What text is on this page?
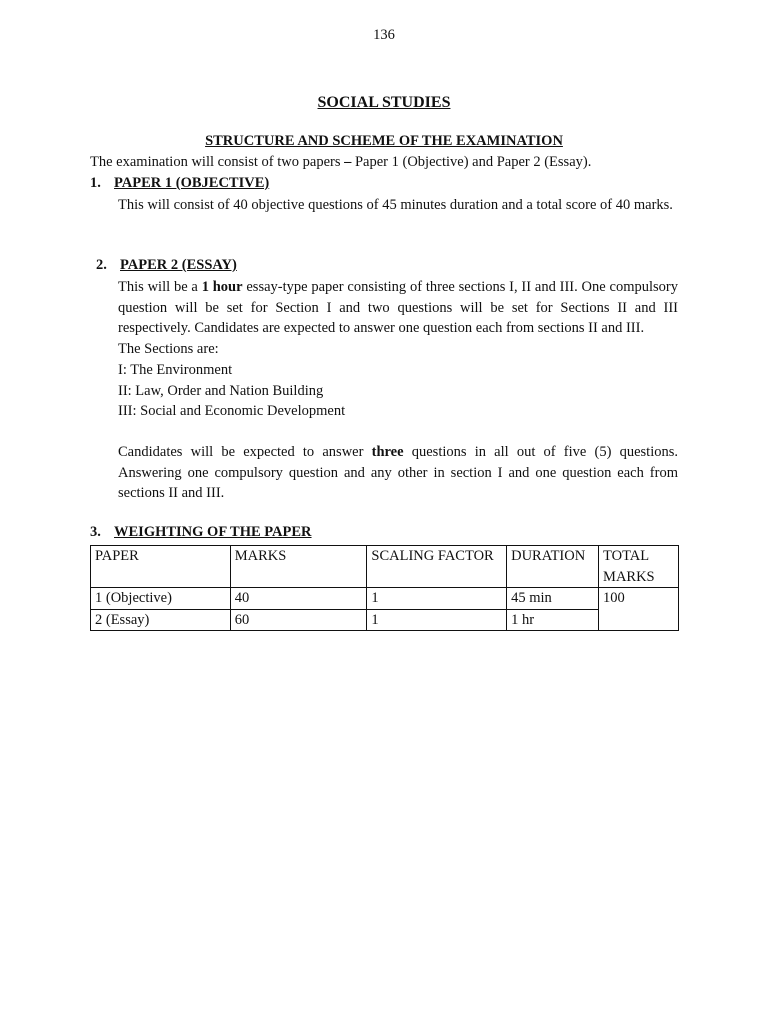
136
SOCIAL STUDIES
STRUCTURE AND SCHEME OF THE EXAMINATION
The examination will consist of two papers – Paper 1 (Objective) and Paper 2 (Essay).
1. PAPER 1 (OBJECTIVE)
This will consist of 40 objective questions of 45 minutes duration and a total score of 40 marks.
2. PAPER 2 (ESSAY)

This will be a 1 hour essay-type paper consisting of three sections I, II and III. One compulsory question will be set for Section I and two questions will be set for Sections II and III respectively. Candidates are expected to answer one question each from sections II and III.

The Sections are:
I: The Environment
II: Law, Order and Nation Building
III: Social and Economic Development
Candidates will be expected to answer three questions in all out of five (5) questions. Answering one compulsory question and any other in section I and one question each from sections II and III.
3. WEIGHTING OF THE PAPER
PAPER	MARKS	SCALING FACTOR	DURATION	TOTAL MARKS
1 (Objective)	40	1	45 min	100
2 (Essay)	60	1	1 hr	
